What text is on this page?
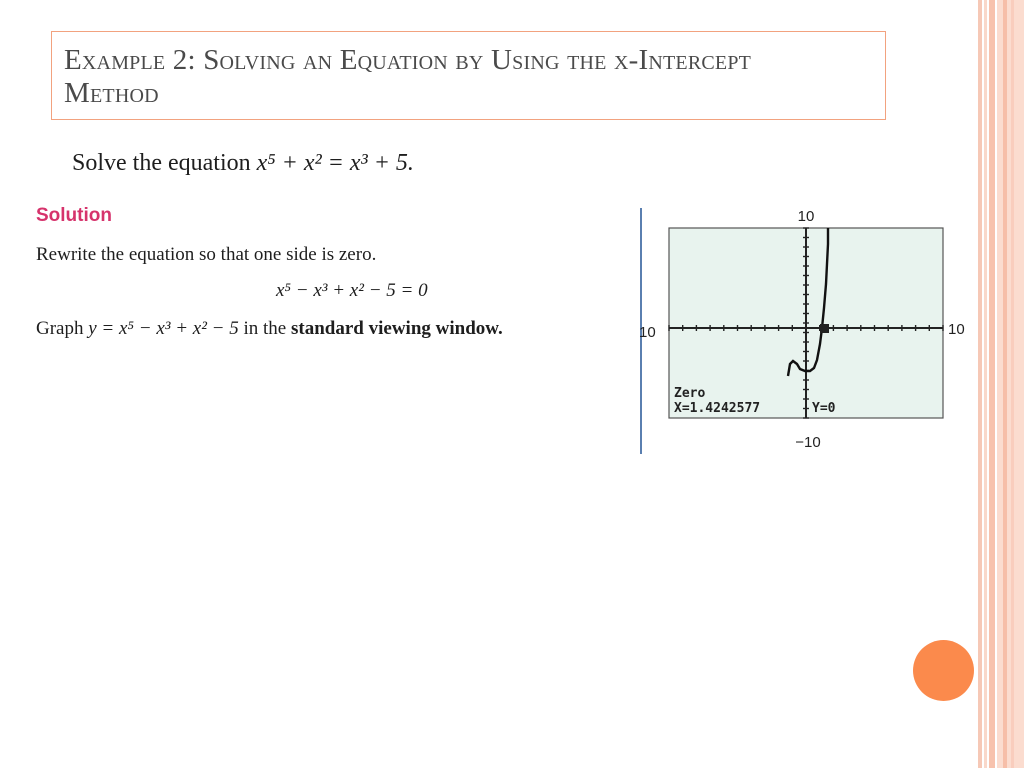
Example 2: Solving an Equation by Using the x-Intercept Method
Solve the equation x⁵ + x² = x³ + 5.
Solution
Rewrite the equation so that one side is zero.
x⁵ − x³ + x² − 5 = 0
Graph y = x⁵ − x³ + x² − 5 in the standard viewing window.
Zero
X=1.4242577	Y=0
10
−10
10	10
